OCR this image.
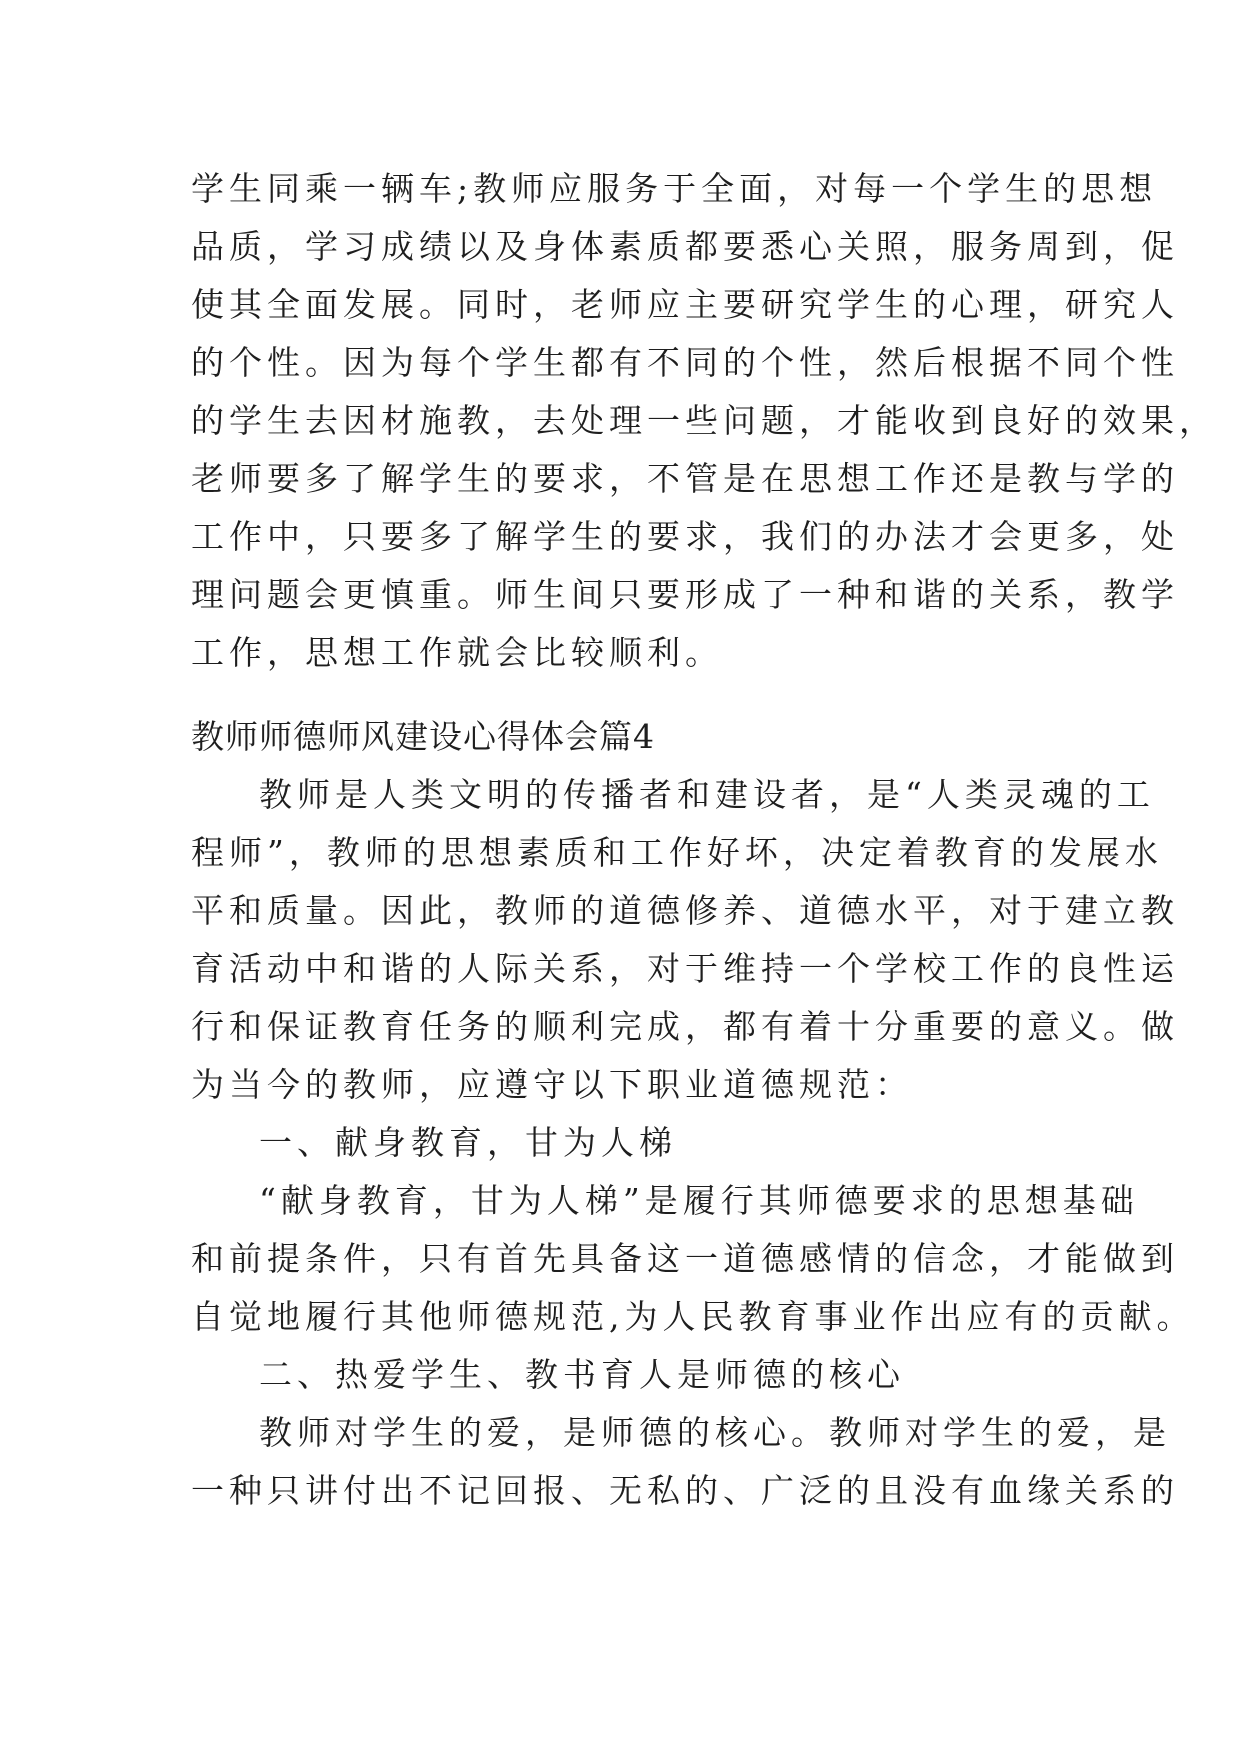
学生同乘一辆车;教师应服务于全面，对每一个学生的思想

品质，学习成绩以及身体素质都要悉心关照，服务周到，促

使其全面发展。同时，老师应主要研究学生的心理，研究人

的个性。因为每个学生都有不同的个性，然后根据不同个性

的学生去因材施教，去处理一些问题，才能收到良好的效果，

老师要多了解学生的要求，不管是在思想工作还是教与学的

工作中，只要多了解学生的要求，我们的办法才会更多，处

理问题会更慎重。师生间只要形成了一种和谐的关系，教学

工作，思想工作就会比较顺利。

教师师德师风建设心得体会篇4

教师是人类文明的传播者和建设者，是“人类灵魂的工

程师”，教师的思想素质和工作好坏，决定着教育的发展水

平和质量。因此，教师的道德修养、道德水平，对于建立教

育活动中和谐的人际关系，对于维持一个学校工作的良性运

行和保证教育任务的顺利完成，都有着十分重要的意义。做

为当今的教师，应遵守以下职业道德规范：

一、献身教育，甘为人梯

“献身教育，甘为人梯”是履行其师德要求的思想基础

和前提条件，只有首先具备这一道德感情的信念，才能做到

自觉地履行其他师德规范,为人民教育事业作出应有的贡献。

二、热爱学生、教书育人是师德的核心

教师对学生的爱，是师德的核心。教师对学生的爱，是

一种只讲付出不记回报、无私的、广泛的且没有血缘关系的
